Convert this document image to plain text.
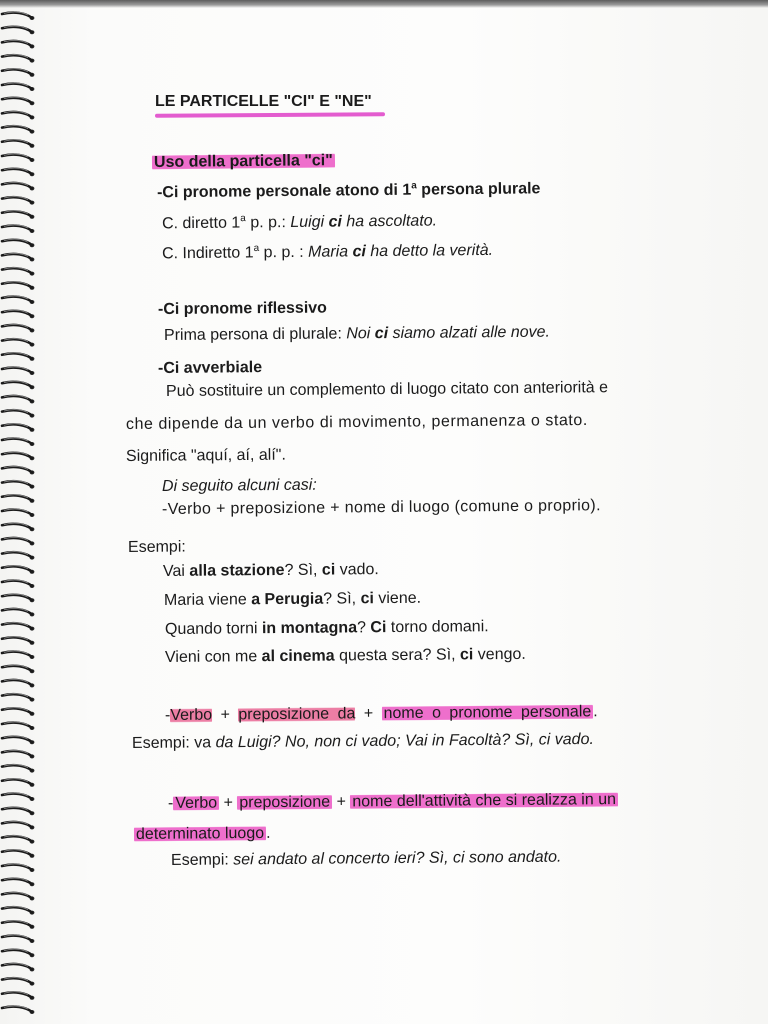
LE PARTICELLE "CI" E "NE"
Uso della particella "ci"
-Ci pronome personale atono di 1$^a$ persona plurale
C. diretto 1$^a$ p. p.: Luigi ci ha ascoltato.
C. Indiretto 1$^a$ p. p. : Maria ci ha detto la verità.
-Ci pronome riflessivo
Prima persona di plurale: Noi ci siamo alzati alle nove.
-Ci avverbiale
Può sostituire un complemento di luogo citato con anteriorità e
che dipende da un verbo di movimento, permanenza o stato.
Significa "aquí, aí, alí".
Di seguito alcuni casi:
-Verbo + preposizione + nome di luogo (comune o proprio).
Esempi:
Vai alla stazione? Sì, ci vado.
Maria viene a Perugia? Sì, ci viene.
Quando torni in montagna? Ci torno domani.
Vieni con me al cinema questa sera? Sì, ci vengo.
-Verbo + preposizione da + nome o pronome personale .
Esempi: va da Luigi? No, non ci vado; Vai in Facoltà? Sì, ci vado.
- Verbo + preposizione + nome dell'attività che si realizza in un
determinato luogo .
Esempi: sei andato al concerto ieri? Sì, ci sono andato.
